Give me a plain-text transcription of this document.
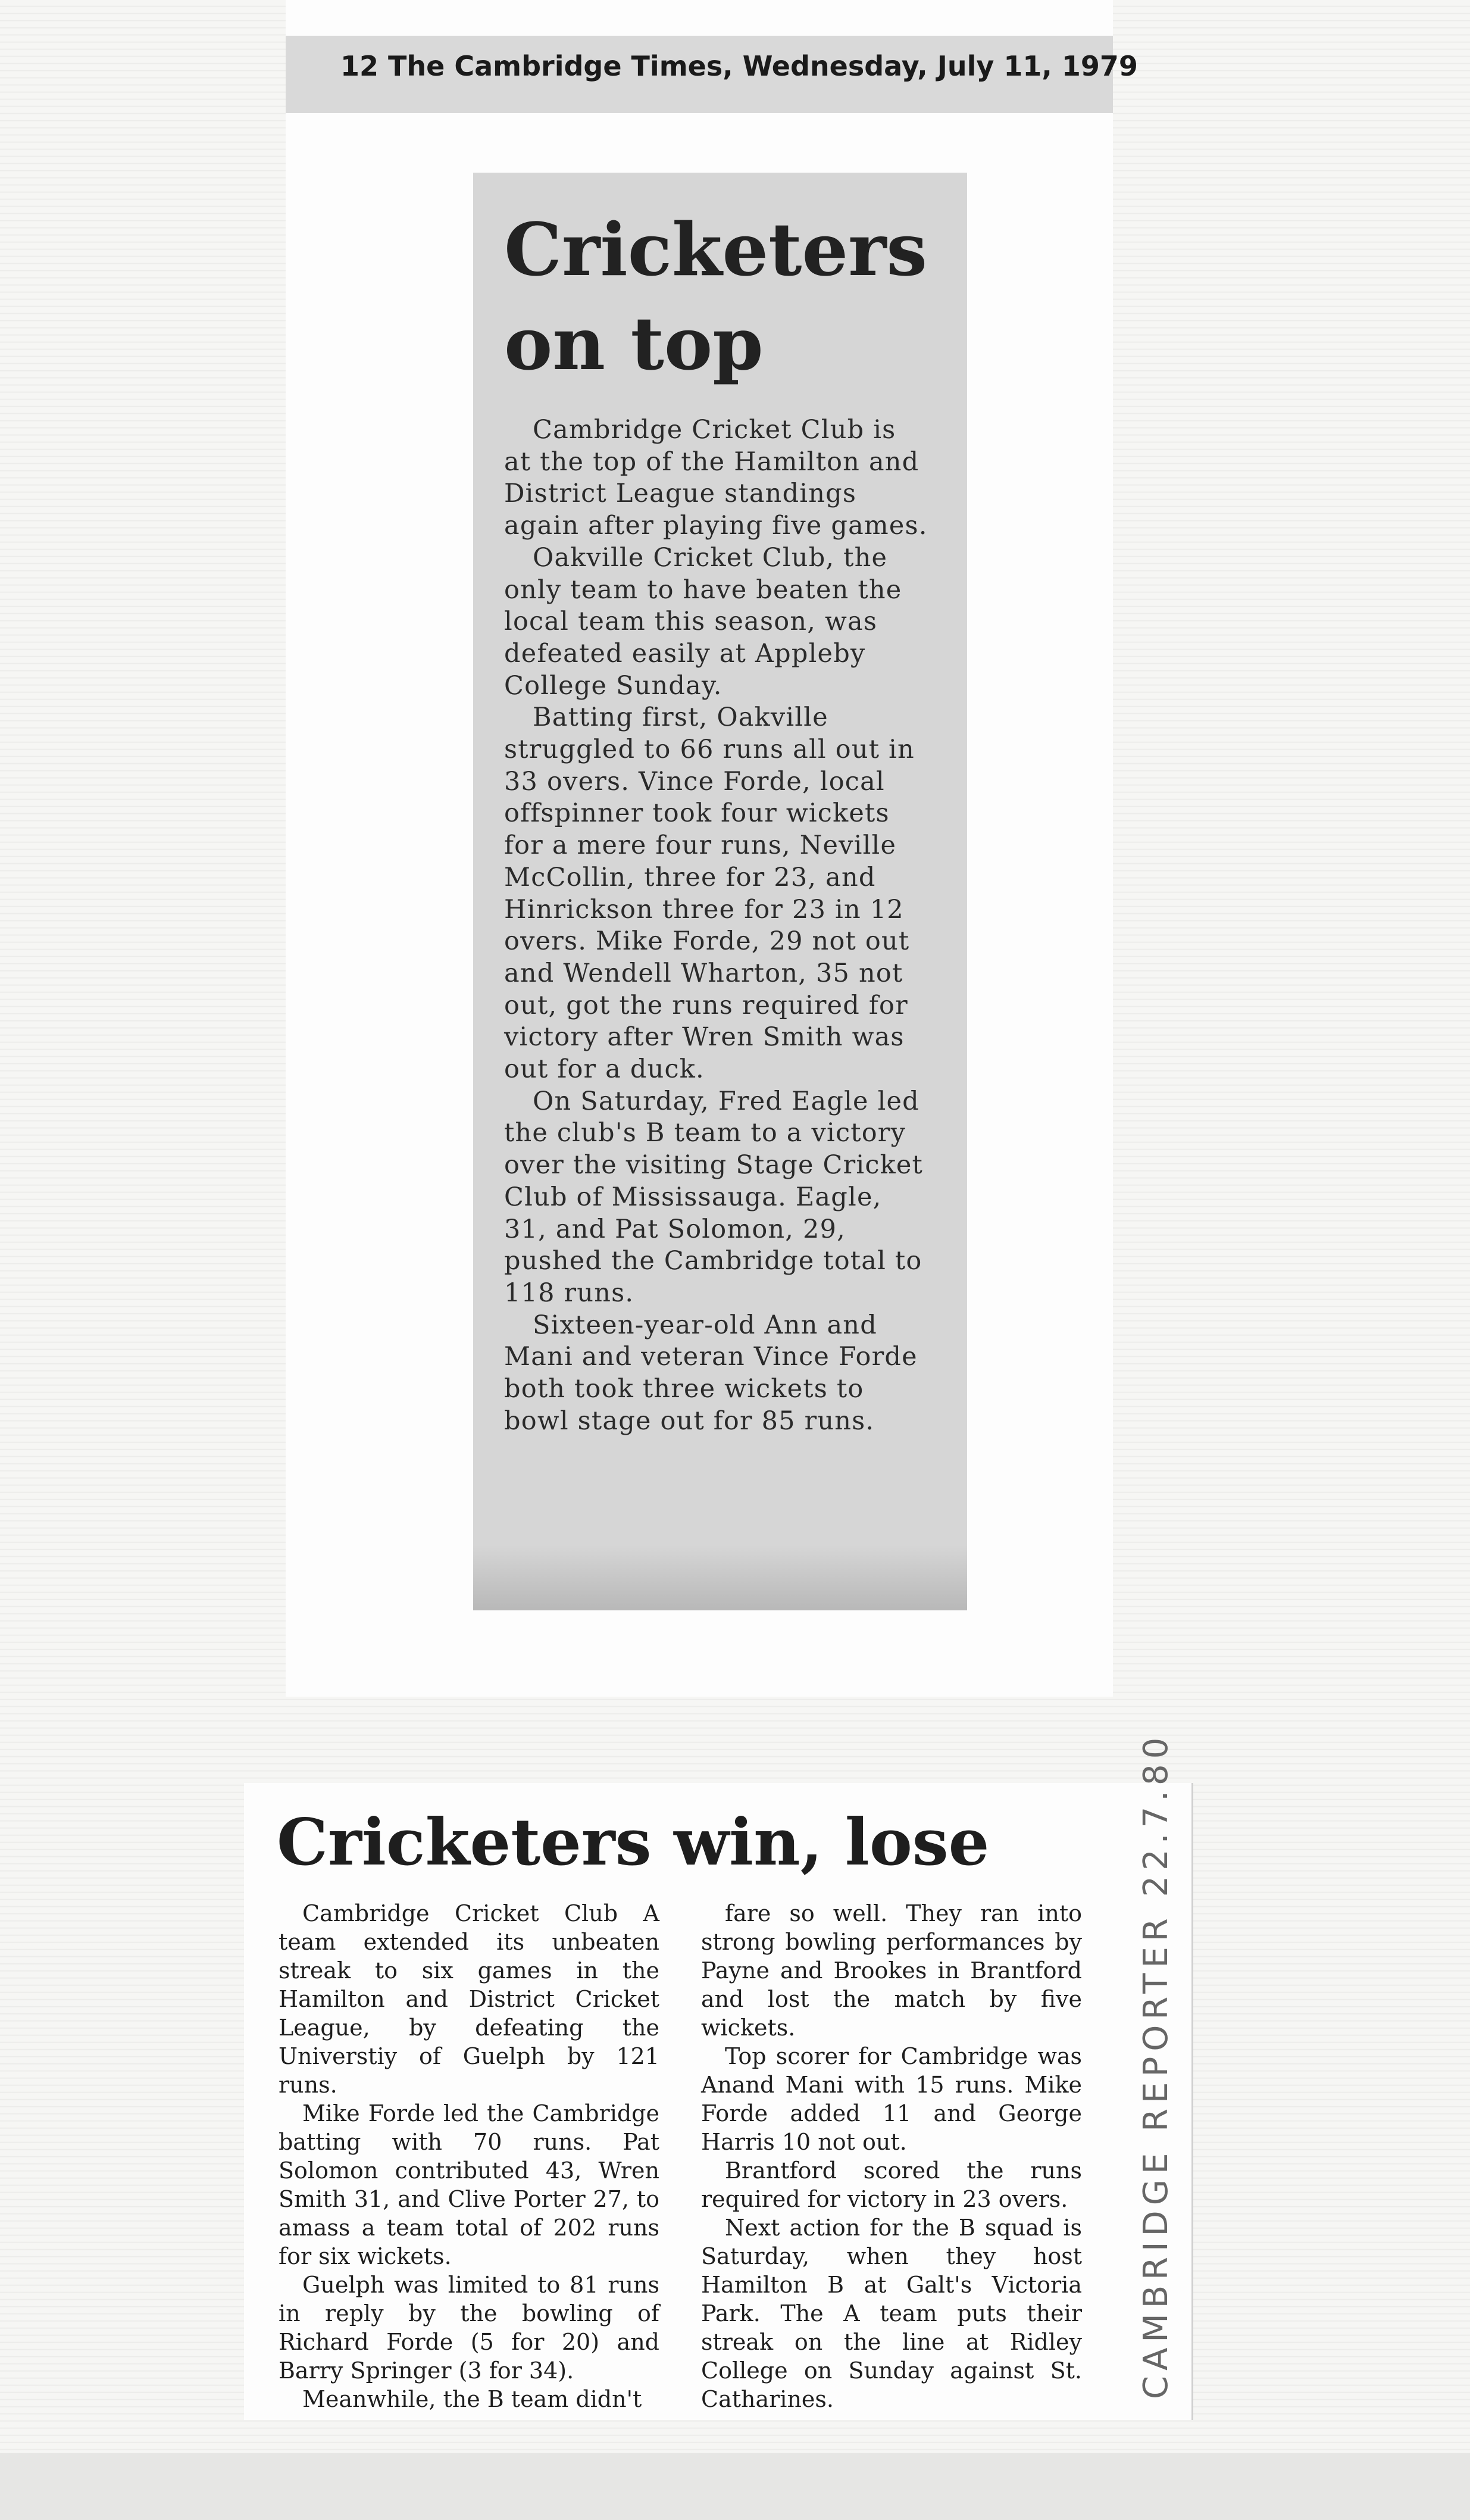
12 The Cambridge Times, Wednesday, July 11, 1979

Cricketers
on top

Cambridge Cricket Club is at the top of the Hamilton and District League standings again after playing five games.

Oakville Cricket Club, the only team to have beaten the local team this season, was defeated easily at Appleby College Sunday.

Batting first, Oakville struggled to 66 runs all out in 33 overs. Vince Forde, local offspinner took four wickets for a mere four runs, Neville McCollin, three for 23, and Hinrickson three for 23 in 12 overs. Mike Forde, 29 not out and Wendell Wharton, 35 not out, got the runs required for victory after Wren Smith was out for a duck.

On Saturday, Fred Eagle led the club's B team to a victory over the visiting Stage Cricket Club of Mississauga. Eagle, 31, and Pat Solomon, 29, pushed the Cambridge total to 118 runs.

Sixteen-year-old Ann and Mani and veteran Vince Forde both took three wickets to bowl stage out for 85 runs.

Cricketers win, lose

Cambridge Cricket Club A team extended its unbeaten streak to six games in the Hamilton and District Cricket League, by defeating the Universtiy of Guelph by 121 runs.

Mike Forde led the Cambridge batting with 70 runs. Pat Solomon contributed 43, Wren Smith 31, and Clive Porter 27, to amass a team total of 202 runs for six wickets.

Guelph was limited to 81 runs in reply by the bowling of Richard Forde (5 for 20) and Barry Springer (3 for 34).

Meanwhile, the B team didn't

fare so well. They ran into strong bowling performances by Payne and Brookes in Brantford and lost the match by five wickets.

Top scorer for Cambridge was Anand Mani with 15 runs. Mike Forde added 11 and George Harris 10 not out.

Brantford scored the runs required for victory in 23 overs.

Next action for the B squad is Saturday, when they host Hamilton B at Galt's Victoria Park. The A team puts their streak on the line at Ridley College on Sunday against St. Catharines.	CAMBRIDGE REPORTER 22.7.80
